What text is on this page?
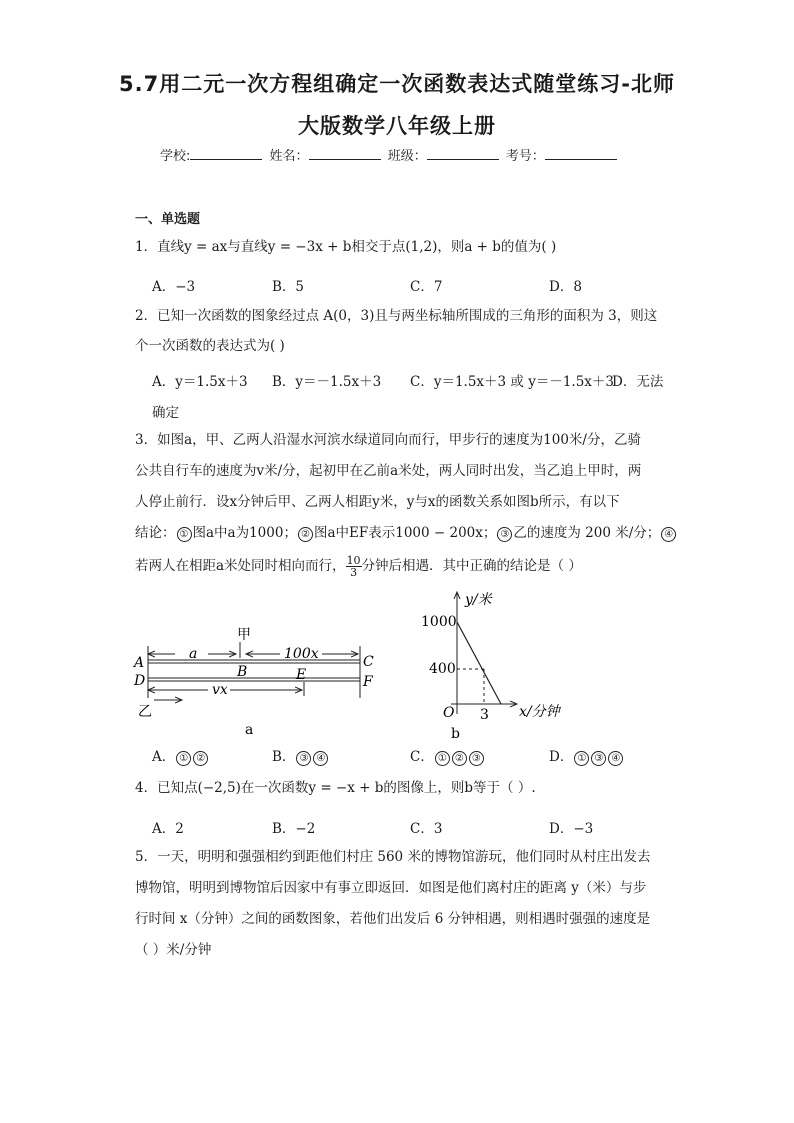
5.7用二元一次方程组确定一次函数表达式随堂练习-北师
大版数学八年级上册
学校:	姓名：	班级：	考号：
一、单选题
1．直线y = ax与直线y = −3x + b相交于点(1,2)，则a + b的值为( )
A．−3	B．5	C．7	D．8
2．已知一次函数的图象经过点 A(0，3)且与两坐标轴所围成的三角形的面积为 3，则这
个一次函数的表达式为( )
A．y＝1.5x＋3 B．y＝－1.5x＋3 C．y＝1.5x＋3 或 y＝－1.5x＋3
D．无法
确定
3．如图a，甲、乙两人沿湿水河滨水绿道同向而行，甲步行的速度为100米/分，乙骑
公共自行车的速度为v米/分，起初甲在乙前a米处，两人同时出发，当乙追上甲时，两
人停止前行．设x分钟后甲、乙两人相距y米，y与x的函数关系如图b所示，有以下
结论： ① 图a中a为1000； ② 图a中EF表示1000 − 200x； ③ 乙的速度为 200 米/分； ④
若两人在相距a米处同时相向而行， $\frac{10}{3}$ 分钟后相遇．其中正确的结论是（ ）
甲
a	100x
A
D
B	E
C
F
vx
乙
a
y/米
1000
400
O 3 x/分钟
b
A． ① ②	B． ③ ④	C． ① ② ③	D． ① ③ ④
4．已知点(−2,5)在一次函数y = −x + b的图像上，则b等于（ ）.
A．2	B．−2	C．3	D．−3
5．一天，明明和强强相约到距他们村庄 560 米的博物馆游玩，他们同时从村庄出发去
博物馆，明明到博物馆后因家中有事立即返回．如图是他们离村庄的距离 y（米）与步
行时间 x（分钟）之间的函数图象，若他们出发后 6 分钟相遇，则相遇时强强的速度是
（ ）米/分钟
